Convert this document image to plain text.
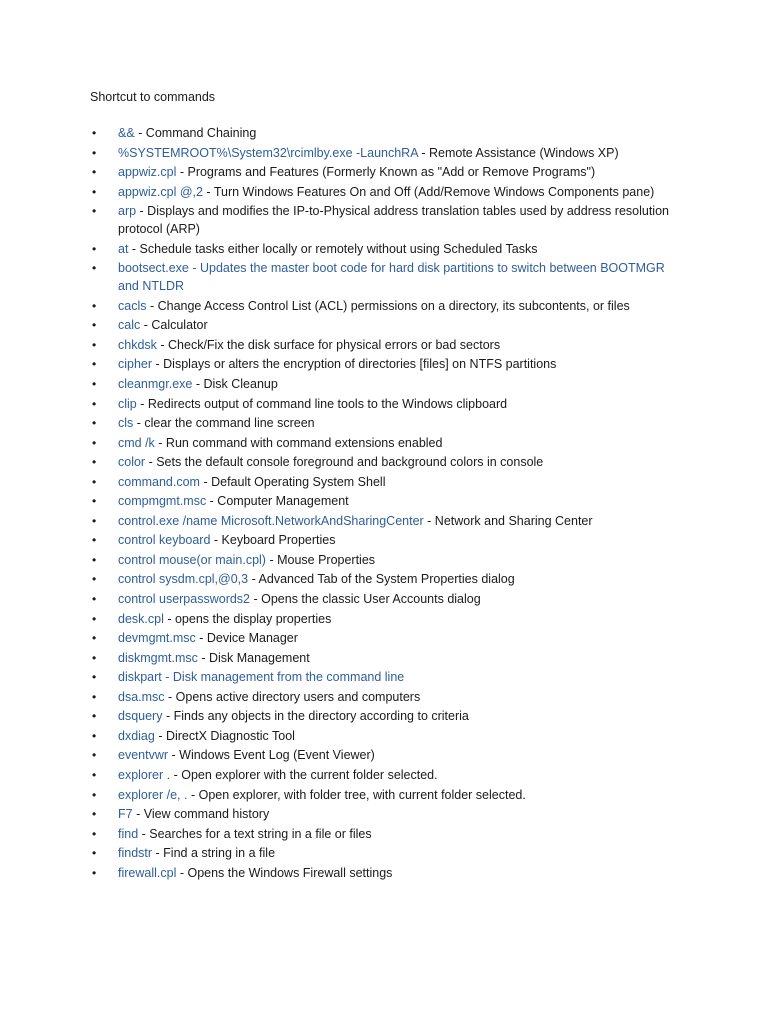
Shortcut to commands
• && - Command Chaining
• %SYSTEMROOT%\System32\rcimlby.exe -LaunchRA - Remote Assistance (Windows XP)
• appwiz.cpl - Programs and Features (Formerly Known as "Add or Remove Programs")
• appwiz.cpl @,2 - Turn Windows Features On and Off (Add/Remove Windows Components pane)
• arp - Displays and modifies the IP-to-Physical address translation tables used by address resolution protocol (ARP)
• at - Schedule tasks either locally or remotely without using Scheduled Tasks
• bootsect.exe - Updates the master boot code for hard disk partitions to switch between BOOTMGR and NTLDR
• cacls - Change Access Control List (ACL) permissions on a directory, its subcontents, or files
• calc - Calculator
• chkdsk - Check/Fix the disk surface for physical errors or bad sectors
• cipher - Displays or alters the encryption of directories [files] on NTFS partitions
• cleanmgr.exe - Disk Cleanup
• clip - Redirects output of command line tools to the Windows clipboard
• cls - clear the command line screen
• cmd /k - Run command with command extensions enabled
• color - Sets the default console foreground and background colors in console
• command.com - Default Operating System Shell
• compmgmt.msc - Computer Management
• control.exe /name Microsoft.NetworkAndSharingCenter - Network and Sharing Center
• control keyboard - Keyboard Properties
• control mouse(or main.cpl) - Mouse Properties
• control sysdm.cpl,@0,3 - Advanced Tab of the System Properties dialog
• control userpasswords2 - Opens the classic User Accounts dialog
• desk.cpl - opens the display properties
• devmgmt.msc - Device Manager
• diskmgmt.msc - Disk Management
• diskpart - Disk management from the command line
• dsa.msc - Opens active directory users and computers
• dsquery - Finds any objects in the directory according to criteria
• dxdiag - DirectX Diagnostic Tool
• eventvwr - Windows Event Log (Event Viewer)
• explorer . - Open explorer with the current folder selected.
• explorer /e, . - Open explorer, with folder tree, with current folder selected.
• F7 - View command history
• find - Searches for a text string in a file or files
• findstr - Find a string in a file
• firewall.cpl - Opens the Windows Firewall settings
